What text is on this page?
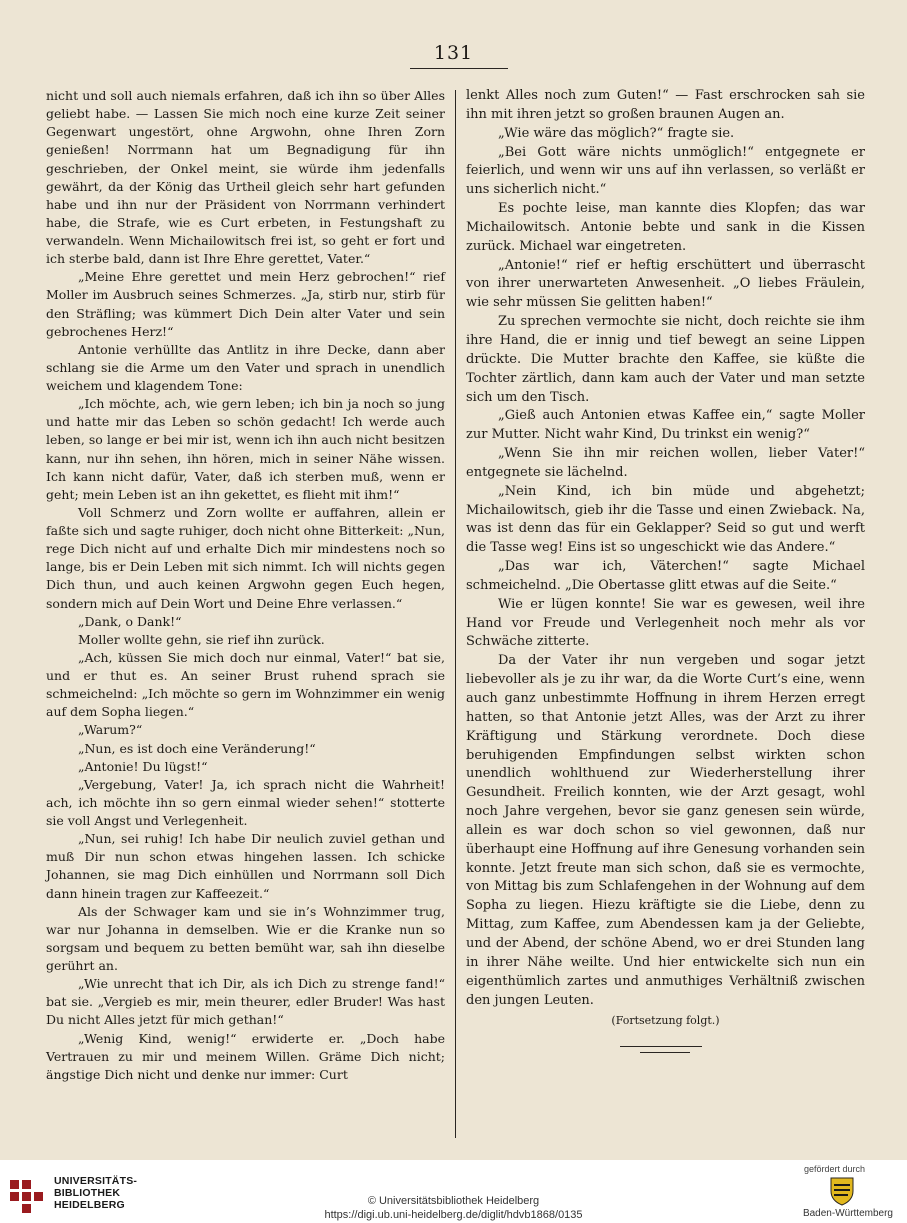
131

nicht und soll auch niemals erfahren, daß ich ihn so über Alles geliebt habe. — Lassen Sie mich noch eine kurze Zeit seiner Gegenwart ungestört, ohne Argwohn, ohne Ihren Zorn genießen! Norrmann hat um Begnadigung für ihn geschrieben, der Onkel meint, sie würde ihm jedenfalls gewährt, da der König das Urtheil gleich sehr hart gefunden habe und ihn nur der Präsident von Norrmann verhindert habe, die Strafe, wie es Curt erbeten, in Festungshaft zu verwandeln. Wenn Michailowitsch frei ist, so geht er fort und ich sterbe bald, dann ist Ihre Ehre gerettet, Vater.“

„Meine Ehre gerettet und mein Herz gebrochen!“ rief Moller im Ausbruch seines Schmerzes. „Ja, stirb nur, stirb für den Sträfling; was kümmert Dich Dein alter Vater und sein gebrochenes Herz!“

Antonie verhüllte das Antlitz in ihre Decke, dann aber schlang sie die Arme um den Vater und sprach in unendlich weichem und klagendem Tone:

„Ich möchte, ach, wie gern leben; ich bin ja noch so jung und hatte mir das Leben so schön gedacht! Ich werde auch leben, so lange er bei mir ist, wenn ich ihn auch nicht besitzen kann, nur ihn sehen, ihn hören, mich in seiner Nähe wissen. Ich kann nicht dafür, Vater, daß ich sterben muß, wenn er geht; mein Leben ist an ihn gekettet, es flieht mit ihm!“

Voll Schmerz und Zorn wollte er auffahren, allein er faßte sich und sagte ruhiger, doch nicht ohne Bitterkeit: „Nun, rege Dich nicht auf und erhalte Dich mir mindestens noch so lange, bis er Dein Leben mit sich nimmt. Ich will nichts gegen Dich thun, und auch keinen Argwohn gegen Euch hegen, sondern mich auf Dein Wort und Deine Ehre verlassen.“

„Dank, o Dank!“

Moller wollte gehn, sie rief ihn zurück.

„Ach, küssen Sie mich doch nur einmal, Vater!“ bat sie, und er thut es. An seiner Brust ruhend sprach sie schmeichelnd: „Ich möchte so gern im Wohnzimmer ein wenig auf dem Sopha liegen.“

„Warum?“

„Nun, es ist doch eine Veränderung!“

„Antonie! Du lügst!“

„Vergebung, Vater! Ja, ich sprach nicht die Wahrheit! ach, ich möchte ihn so gern einmal wieder sehen!“ stotterte sie voll Angst und Verlegenheit.

„Nun, sei ruhig! Ich habe Dir neulich zuviel gethan und muß Dir nun schon etwas hingehen lassen. Ich schicke Johannen, sie mag Dich einhüllen und Norrmann soll Dich dann hinein tragen zur Kaffeezeit.“

Als der Schwager kam und sie in’s Wohnzimmer trug, war nur Johanna in demselben. Wie er die Kranke nun so sorgsam und bequem zu betten bemüht war, sah ihn dieselbe gerührt an.

„Wie unrecht that ich Dir, als ich Dich zu strenge fand!“ bat sie. „Vergieb es mir, mein theurer, edler Bruder! Was hast Du nicht Alles jetzt für mich gethan!“

„Wenig Kind, wenig!“ erwiderte er. „Doch habe Vertrauen zu mir und meinem Willen. Gräme Dich nicht; ängstige Dich nicht und denke nur immer: Curt

lenkt Alles noch zum Guten!“ — Fast erschrocken sah sie ihn mit ihren jetzt so großen braunen Augen an.

„Wie wäre das möglich?“ fragte sie.

„Bei Gott wäre nichts unmöglich!“ entgegnete er feierlich, und wenn wir uns auf ihn verlassen, so verläßt er uns sicherlich nicht.“

Es pochte leise, man kannte dies Klopfen; das war Michailowitsch. Antonie bebte und sank in die Kissen zurück. Michael war eingetreten.

„Antonie!“ rief er heftig erschüttert und überrascht von ihrer unerwarteten Anwesenheit. „O liebes Fräulein, wie sehr müssen Sie gelitten haben!“

Zu sprechen vermochte sie nicht, doch reichte sie ihm ihre Hand, die er innig und tief bewegt an seine Lippen drückte. Die Mutter brachte den Kaffee, sie küßte die Tochter zärtlich, dann kam auch der Vater und man setzte sich um den Tisch.

„Gieß auch Antonien etwas Kaffee ein,“ sagte Moller zur Mutter. Nicht wahr Kind, Du trinkst ein wenig?“

„Wenn Sie ihn mir reichen wollen, lieber Vater!“ entgegnete sie lächelnd.

„Nein Kind, ich bin müde und abgehetzt; Michailowitsch, gieb ihr die Tasse und einen Zwieback. Na, was ist denn das für ein Geklapper? Seid so gut und werft die Tasse weg! Eins ist so ungeschickt wie das Andere.“

„Das war ich, Väterchen!“ sagte Michael schmeichelnd. „Die Obertasse glitt etwas auf die Seite.“

Wie er lügen konnte! Sie war es gewesen, weil ihre Hand vor Freude und Verlegenheit noch mehr als vor Schwäche zitterte.

Da der Vater ihr nun vergeben und sogar jetzt liebevoller als je zu ihr war, da die Worte Curt’s eine, wenn auch ganz unbestimmte Hoffnung in ihrem Herzen erregt hatten, so that Antonie jetzt Alles, was der Arzt zu ihrer Kräftigung und Stärkung verordnete. Doch diese beruhigenden Empfindungen selbst wirkten schon unendlich wohlthuend zur Wiederherstellung ihrer Gesundheit. Freilich konnten, wie der Arzt gesagt, wohl noch Jahre vergehen, bevor sie ganz genesen sein würde, allein es war doch schon so viel gewonnen, daß nur überhaupt eine Hoffnung auf ihre Genesung vorhanden sein konnte. Jetzt freute man sich schon, daß sie es vermochte, von Mittag bis zum Schlafengehen in der Wohnung auf dem Sopha zu liegen. Hiezu kräftigte sie die Liebe, denn zu Mittag, zum Kaffee, zum Abendessen kam ja der Geliebte, und der Abend, der schöne Abend, wo er drei Stunden lang in ihrer Nähe weilte. Und hier entwickelte sich nun ein eigenthümlich zartes und anmuthiges Verhältniß zwischen den jungen Leuten.

(Fortsetzung folgt.)
UNIVERSITÄTS-
BIBLIOTHEK
HEIDELBERG	© Universitätsbibliothek Heidelberg
https://digi.ub.uni-heidelberg.de/diglit/hdvb1868/0135
gefördert durch
Baden-Württemberg
